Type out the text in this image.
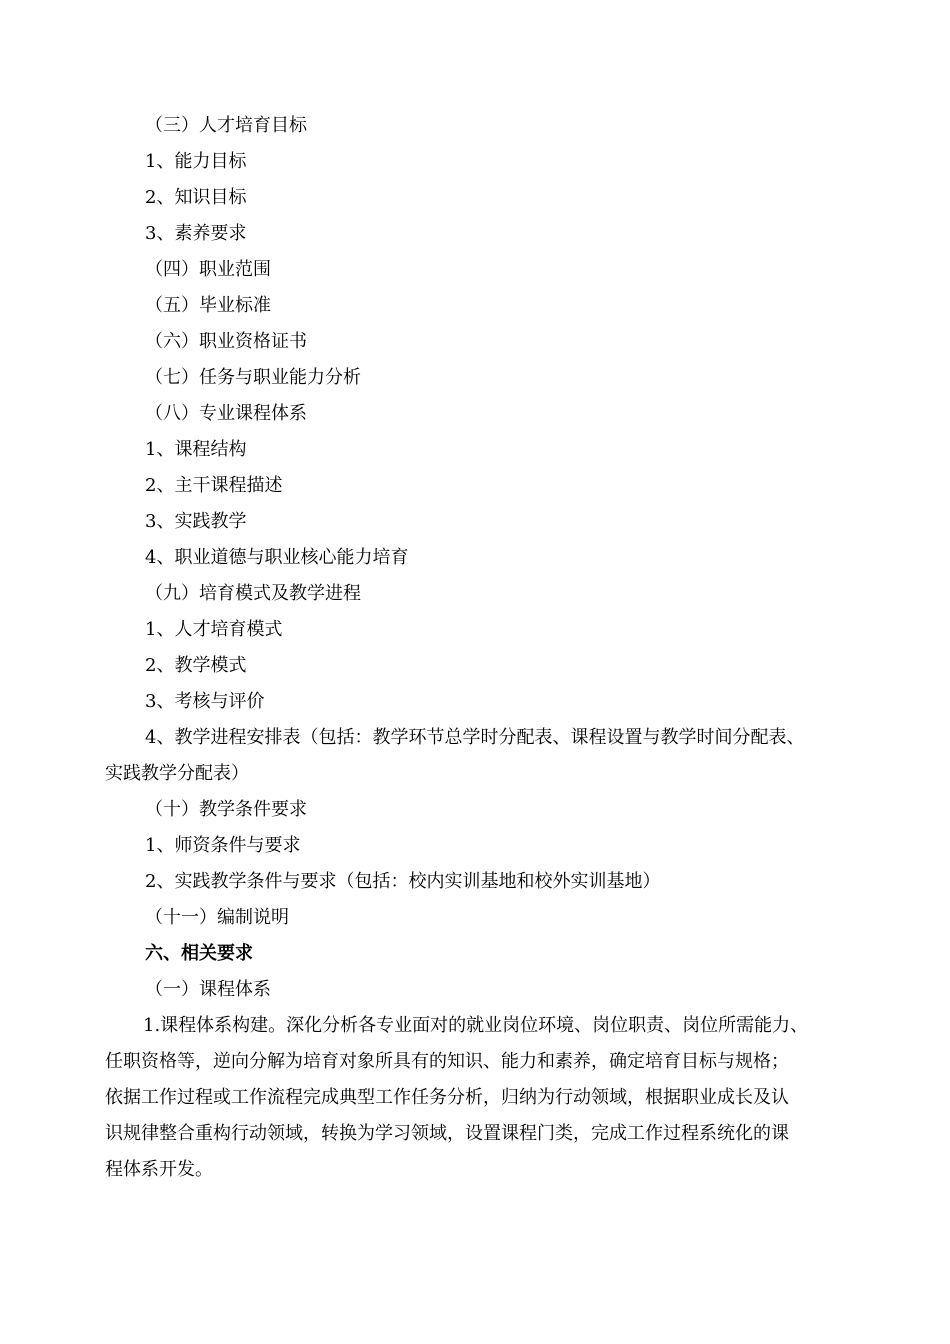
（三）人才培育目标
1、能力目标
2、知识目标
3、素养要求
（四）职业范围
（五）毕业标准
（六）职业资格证书
（七）任务与职业能力分析
（八）专业课程体系
1、课程结构
2、主干课程描述
3、实践教学
4、职业道德与职业核心能力培育
（九）培育模式及教学进程
1、人才培育模式
2、教学模式
3、考核与评价
4、教学进程安排表（包括：教学环节总学时分配表、课程设置与教学时间分配表、
实践教学分配表）
（十）教学条件要求
1、师资条件与要求
2、实践教学条件与要求（包括：校内实训基地和校外实训基地）
（十一）编制说明
六、相关要求
（一）课程体系
1.课程体系构建。深化分析各专业面对的就业岗位环境、岗位职责、岗位所需能力、
任职资格等，逆向分解为培育对象所具有的知识、能力和素养，确定培育目标与规格；
依据工作过程或工作流程完成典型工作任务分析，归纳为行动领域，根据职业成长及认
识规律整合重构行动领域，转换为学习领域，设置课程门类，完成工作过程系统化的课
程体系开发。
